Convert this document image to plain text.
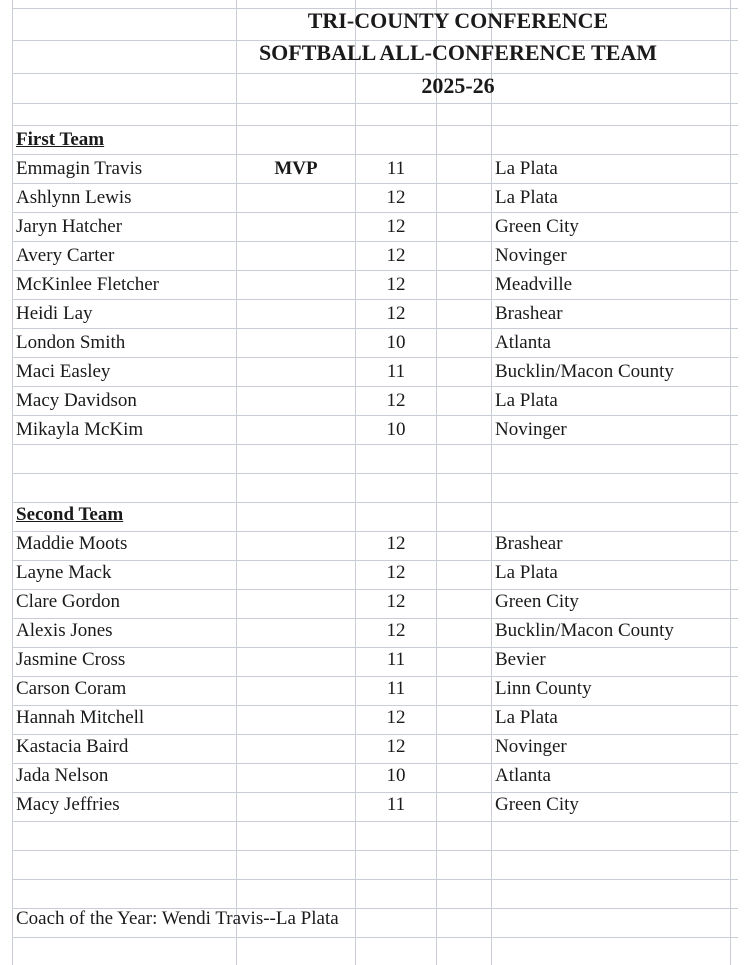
TRI-COUNTY CONFERENCE
SOFTBALL ALL-CONFERENCE TEAM
2025-26
First Team
Emmagin Travis	MVP	11	La Plata
Ashlynn Lewis	12	La Plata
Jaryn Hatcher	12	Green City
Avery Carter	12	Novinger
McKinlee Fletcher	12	Meadville
Heidi Lay	12	Brashear
London Smith	10	Atlanta
Maci Easley	11	Bucklin/Macon County
Macy Davidson	12	La Plata
Mikayla McKim	10	Novinger
Second Team
Maddie Moots	12	Brashear
Layne Mack	12	La Plata
Clare Gordon	12	Green City
Alexis Jones	12	Bucklin/Macon County
Jasmine Cross	11	Bevier
Carson Coram	11	Linn County
Hannah Mitchell	12	La Plata
Kastacia Baird	12	Novinger
Jada Nelson	10	Atlanta
Macy Jeffries	11	Green City
Coach of the Year: Wendi Travis--La Plata
